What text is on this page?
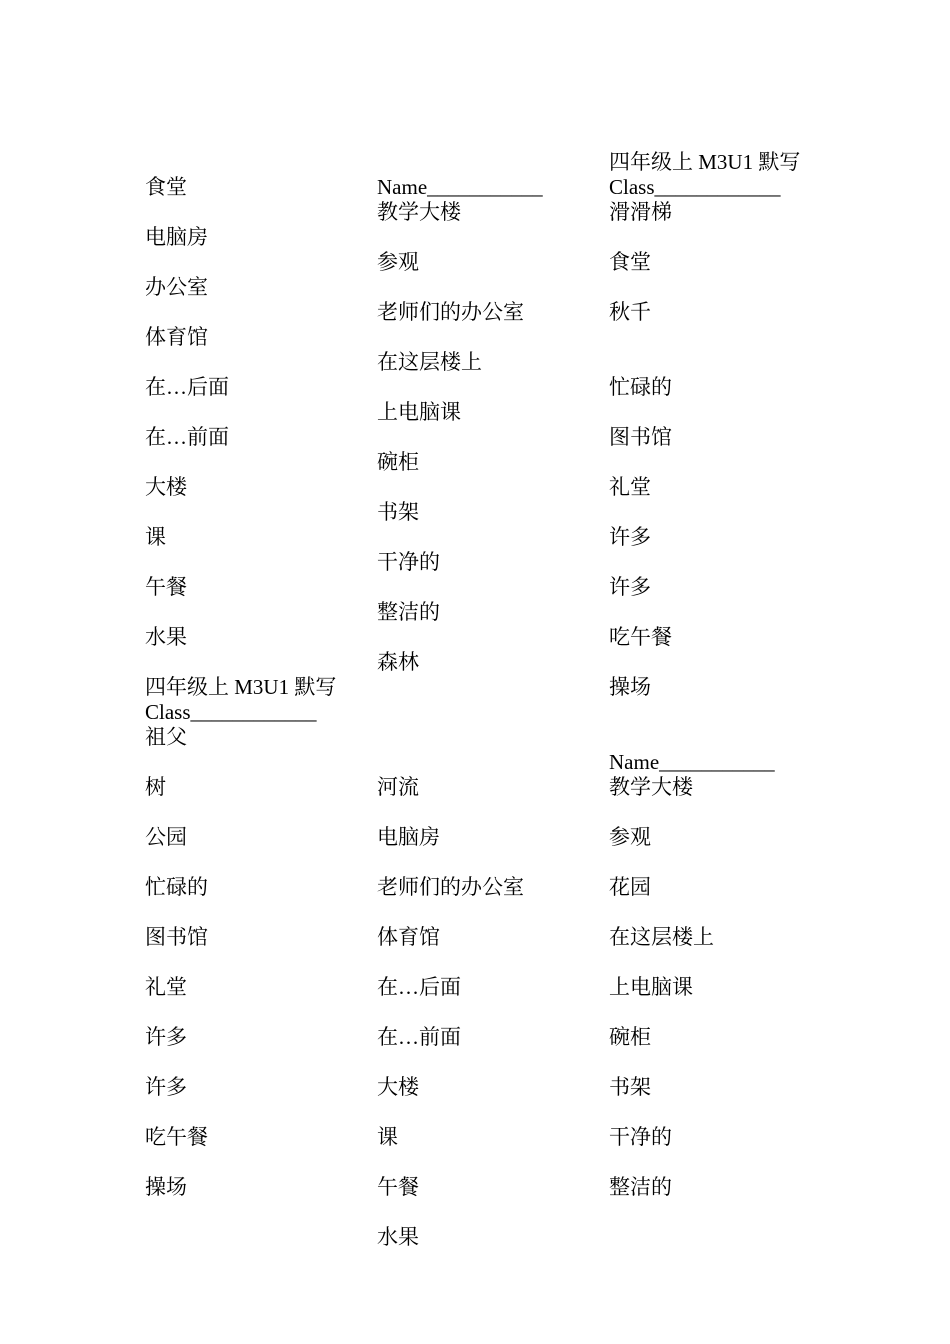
食堂
电脑房
办公室
体育馆
在…后面
在…前面
大楼
课
午餐
水果
四年级上 M3U1 默写
Class____________
祖父
树
公园
忙碌的
图书馆
礼堂
许多
许多
吃午餐
操场
Name___________
教学大楼
参观
老师们的办公室
在这层楼上
上电脑课
碗柜
书架
干净的
整洁的
森林
河流
电脑房
老师们的办公室
体育馆
在…后面
在…前面
大楼
课
午餐
水果
四年级上 M3U1 默写
Class____________
滑滑梯
食堂
秋千
忙碌的
图书馆
礼堂
许多
许多
吃午餐
操场
Name___________
教学大楼
参观
花园
在这层楼上
上电脑课
碗柜
书架
干净的
整洁的
